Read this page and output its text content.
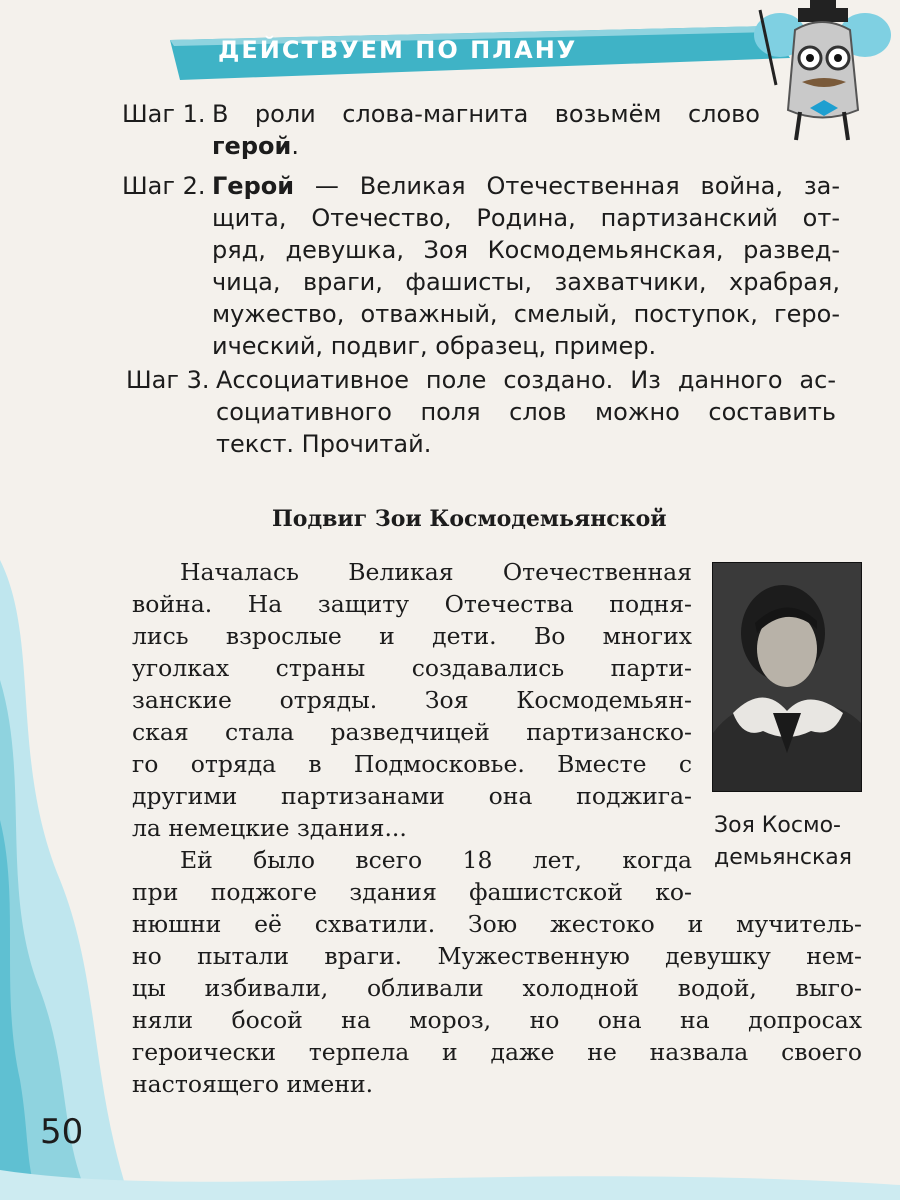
ДЕЙСТВУЕМ ПО ПЛАНУ
Шаг 1. В роли слова-магнита возьмём слово
герой.
Шаг 2. Герой — Великая Отечественная война, за-
щита, Отечество, Родина, партизанский от-
ряд, девушка, Зоя Космодемьянская, развед-
чица, враги, фашисты, захватчики, храбрая,
мужество, отважный, смелый, поступок, геро-
ический, подвиг, образец, пример.
Шаг 3. Ассоциативное поле создано. Из данного ас-
социативного поля слов можно составить
текст. Прочитай.
Подвиг Зои Космодемьянской
Началась Великая Отечественная
война. На защиту Отечества подня-
лись взрослые и дети. Во многих
уголках страны создавались парти-
занские отряды. Зоя Космодемьян-
ская стала разведчицей партизанско-
го отряда в Подмосковье. Вместе с
другими партизанами она поджига-
ла немецкие здания...
Ей было всего 18 лет, когда
при поджоге здания фашистской ко-
нюшни её схватили. Зою жестоко и мучитель-
но пытали враги. Мужественную девушку нем-
цы избивали, обливали холодной водой, выго-
няли босой на мороз, но она на допросах
героически терпела и даже не назвала своего
настоящего имени.
Зоя Космо-
демьянская
50
